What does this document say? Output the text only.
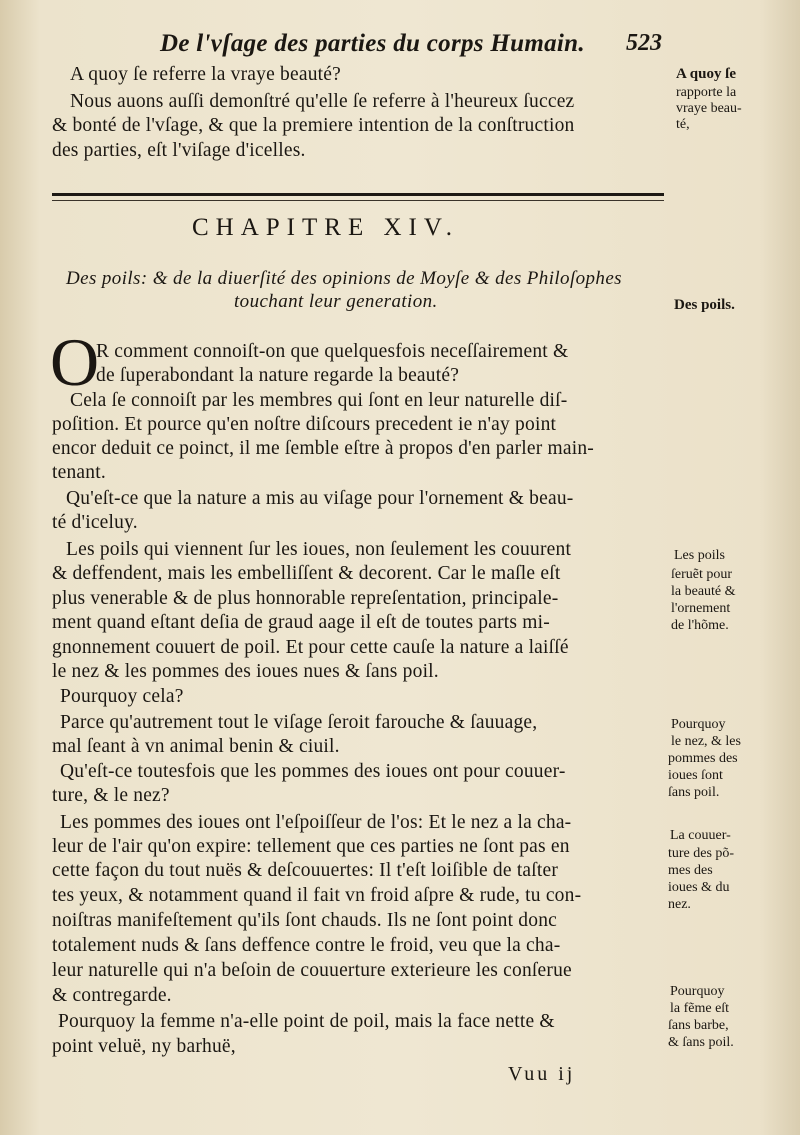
De l'vſage des parties du corps Humain. 523
A quoy ſe referre la vraye beauté?
Nous auons auſſi demonſtré qu'elle ſe referre à l'heureux ſuccez
& bonté de l'vſage, & que la premiere intention de la conſtruction
des parties, eſt l'viſage d'icelles.
A quoy ſe
rapporte la
vraye beau-
té,
CHAPITRE XIV.
Des poils: & de la diuerſité des opinions de Moyſe & des Philoſophes
touchant leur generation.	Des poils.
O
R comment connoiſt-on que quelquesfois neceſſairement &
de ſuperabondant la nature regarde la beauté?
Cela ſe connoiſt par les membres qui ſont en leur naturelle diſ-
poſition. Et pource qu'en noſtre diſcours precedent ie n'ay point
encor deduit ce poinct, il me ſemble eſtre à propos d'en parler main-
tenant.
Qu'eſt-ce que la nature a mis au viſage pour l'ornement & beau-
té d'iceluy.
Les poils qui viennent ſur les ioues, non ſeulement les couurent
& deffendent, mais les embelliſſent & decorent. Car le maſle eſt
plus venerable & de plus honnorable repreſentation, principale-
ment quand eſtant deſia de graud aage il eſt de toutes parts mi-
gnonnement couuert de poil. Et pour cette cauſe la nature a laiſſé
le nez & les pommes des ioues nues & ſans poil.
Pourquoy cela?
Parce qu'autrement tout le viſage ſeroit farouche & ſauuage,
mal ſeant à vn animal benin & ciuil.
Qu'eſt-ce toutesfois que les pommes des ioues ont pour couuer-
ture, & le nez?
Les pommes des ioues ont l'eſpoiſſeur de l'os: Et le nez a la cha-
leur de l'air qu'on expire: tellement que ces parties ne ſont pas en
cette façon du tout nuës & deſcouuertes: Il t'eſt loiſible de taſter
tes yeux, & notamment quand il fait vn froid aſpre & rude, tu con-
noiſtras manifeſtement qu'ils ſont chauds. Ils ne ſont point donc
totalement nuds & ſans deffence contre le froid, veu que la cha-
leur naturelle qui n'a beſoin de couuerture exterieure les conſerue
& contregarde.
Pourquoy la femme n'a-elle point de poil, mais la face nette &
point veluë, ny barhuë,
Les poils
ſeruẽt pour
la beauté &
l'ornement
de l'hõme.
Pourquoy
le nez, & les
pommes des
ioues ſont
ſans poil.
La couuer-
ture des põ-
mes des
ioues & du
nez.
Pourquoy
la fẽme eſt
ſans barbe,
& ſans poil.
Vuu ij
